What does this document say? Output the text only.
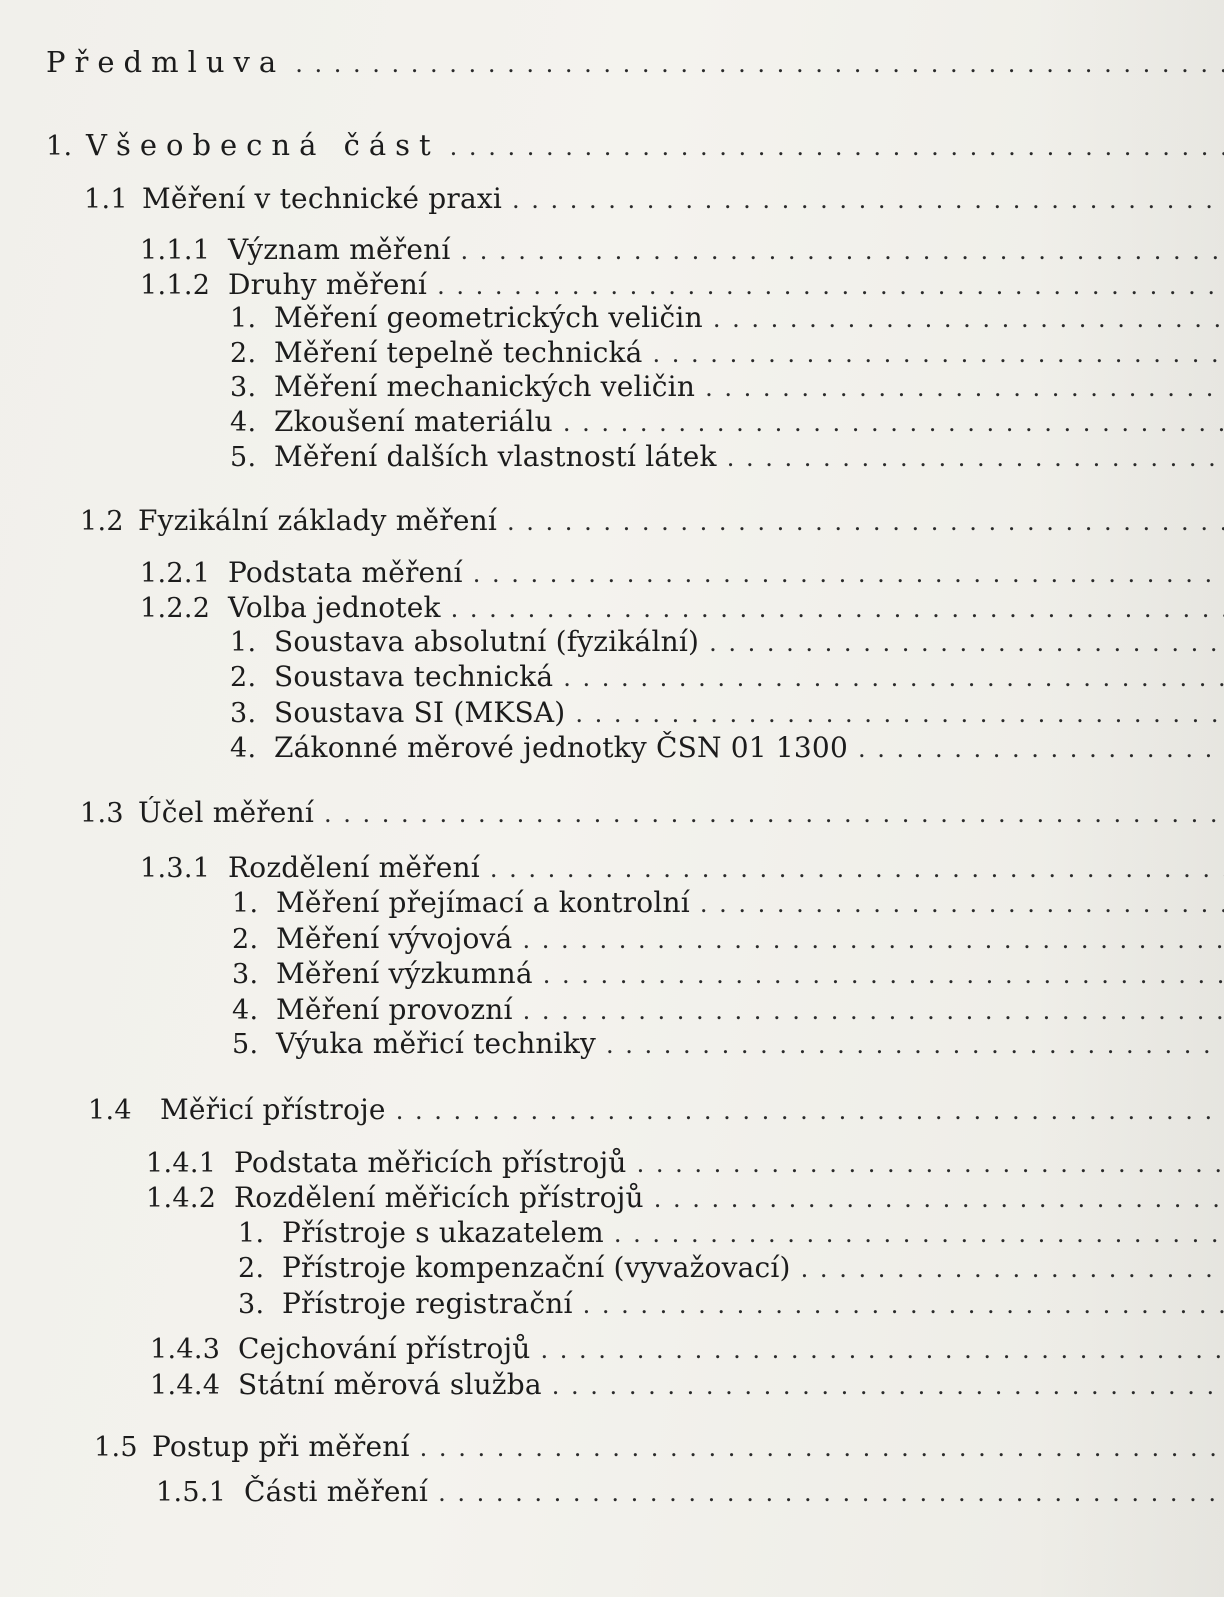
Předmluva
. . .
1. Všeobecná část
. . .
1.1 Měření v technické praxi
. . .
1.1.1 Význam měření
. . .
1.1.2 Druhy měření
. . .
1. Měření geometrických veličin
. . .
2. Měření tepelně technická
. . .
3. Měření mechanických veličin
. . .
4. Zkoušení materiálu
. . .
5. Měření dalších vlastností látek
. . .
1.2 Fyzikální základy měření
. . .
1.2.1 Podstata měření
. . .
1.2.2 Volba jednotek
. . .
1. Soustava absolutní (fyzikální)
. . .
2. Soustava technická
. . .
3. Soustava SI (MKSA)
. . .
4. Zákonné měrové jednotky ČSN 01 1300
. . .
1.3 Účel měření
. . .
1.3.1 Rozdělení měření
. . .
1. Měření přejímací a kontrolní
. . .
2. Měření vývojová
. . .
3. Měření výzkumná
. . .
4. Měření provozní
. . .
5. Výuka měřicí techniky
. . .
1.4	Měřicí přístroje
. . .
1.4.1 Podstata měřicích přístrojů
. . .
1.4.2 Rozdělení měřicích přístrojů
. . .
1. Přístroje s ukazatelem
. . .
2. Přístroje kompenzační (vyvažovací)
. . .
3. Přístroje registrační
. . .
1.4.3 Cejchování přístrojů
. . .
1.4.4 Státní měrová služba
. . .
1.5 Postup při měření
. . .
1.5.1 Části měření
. . .
